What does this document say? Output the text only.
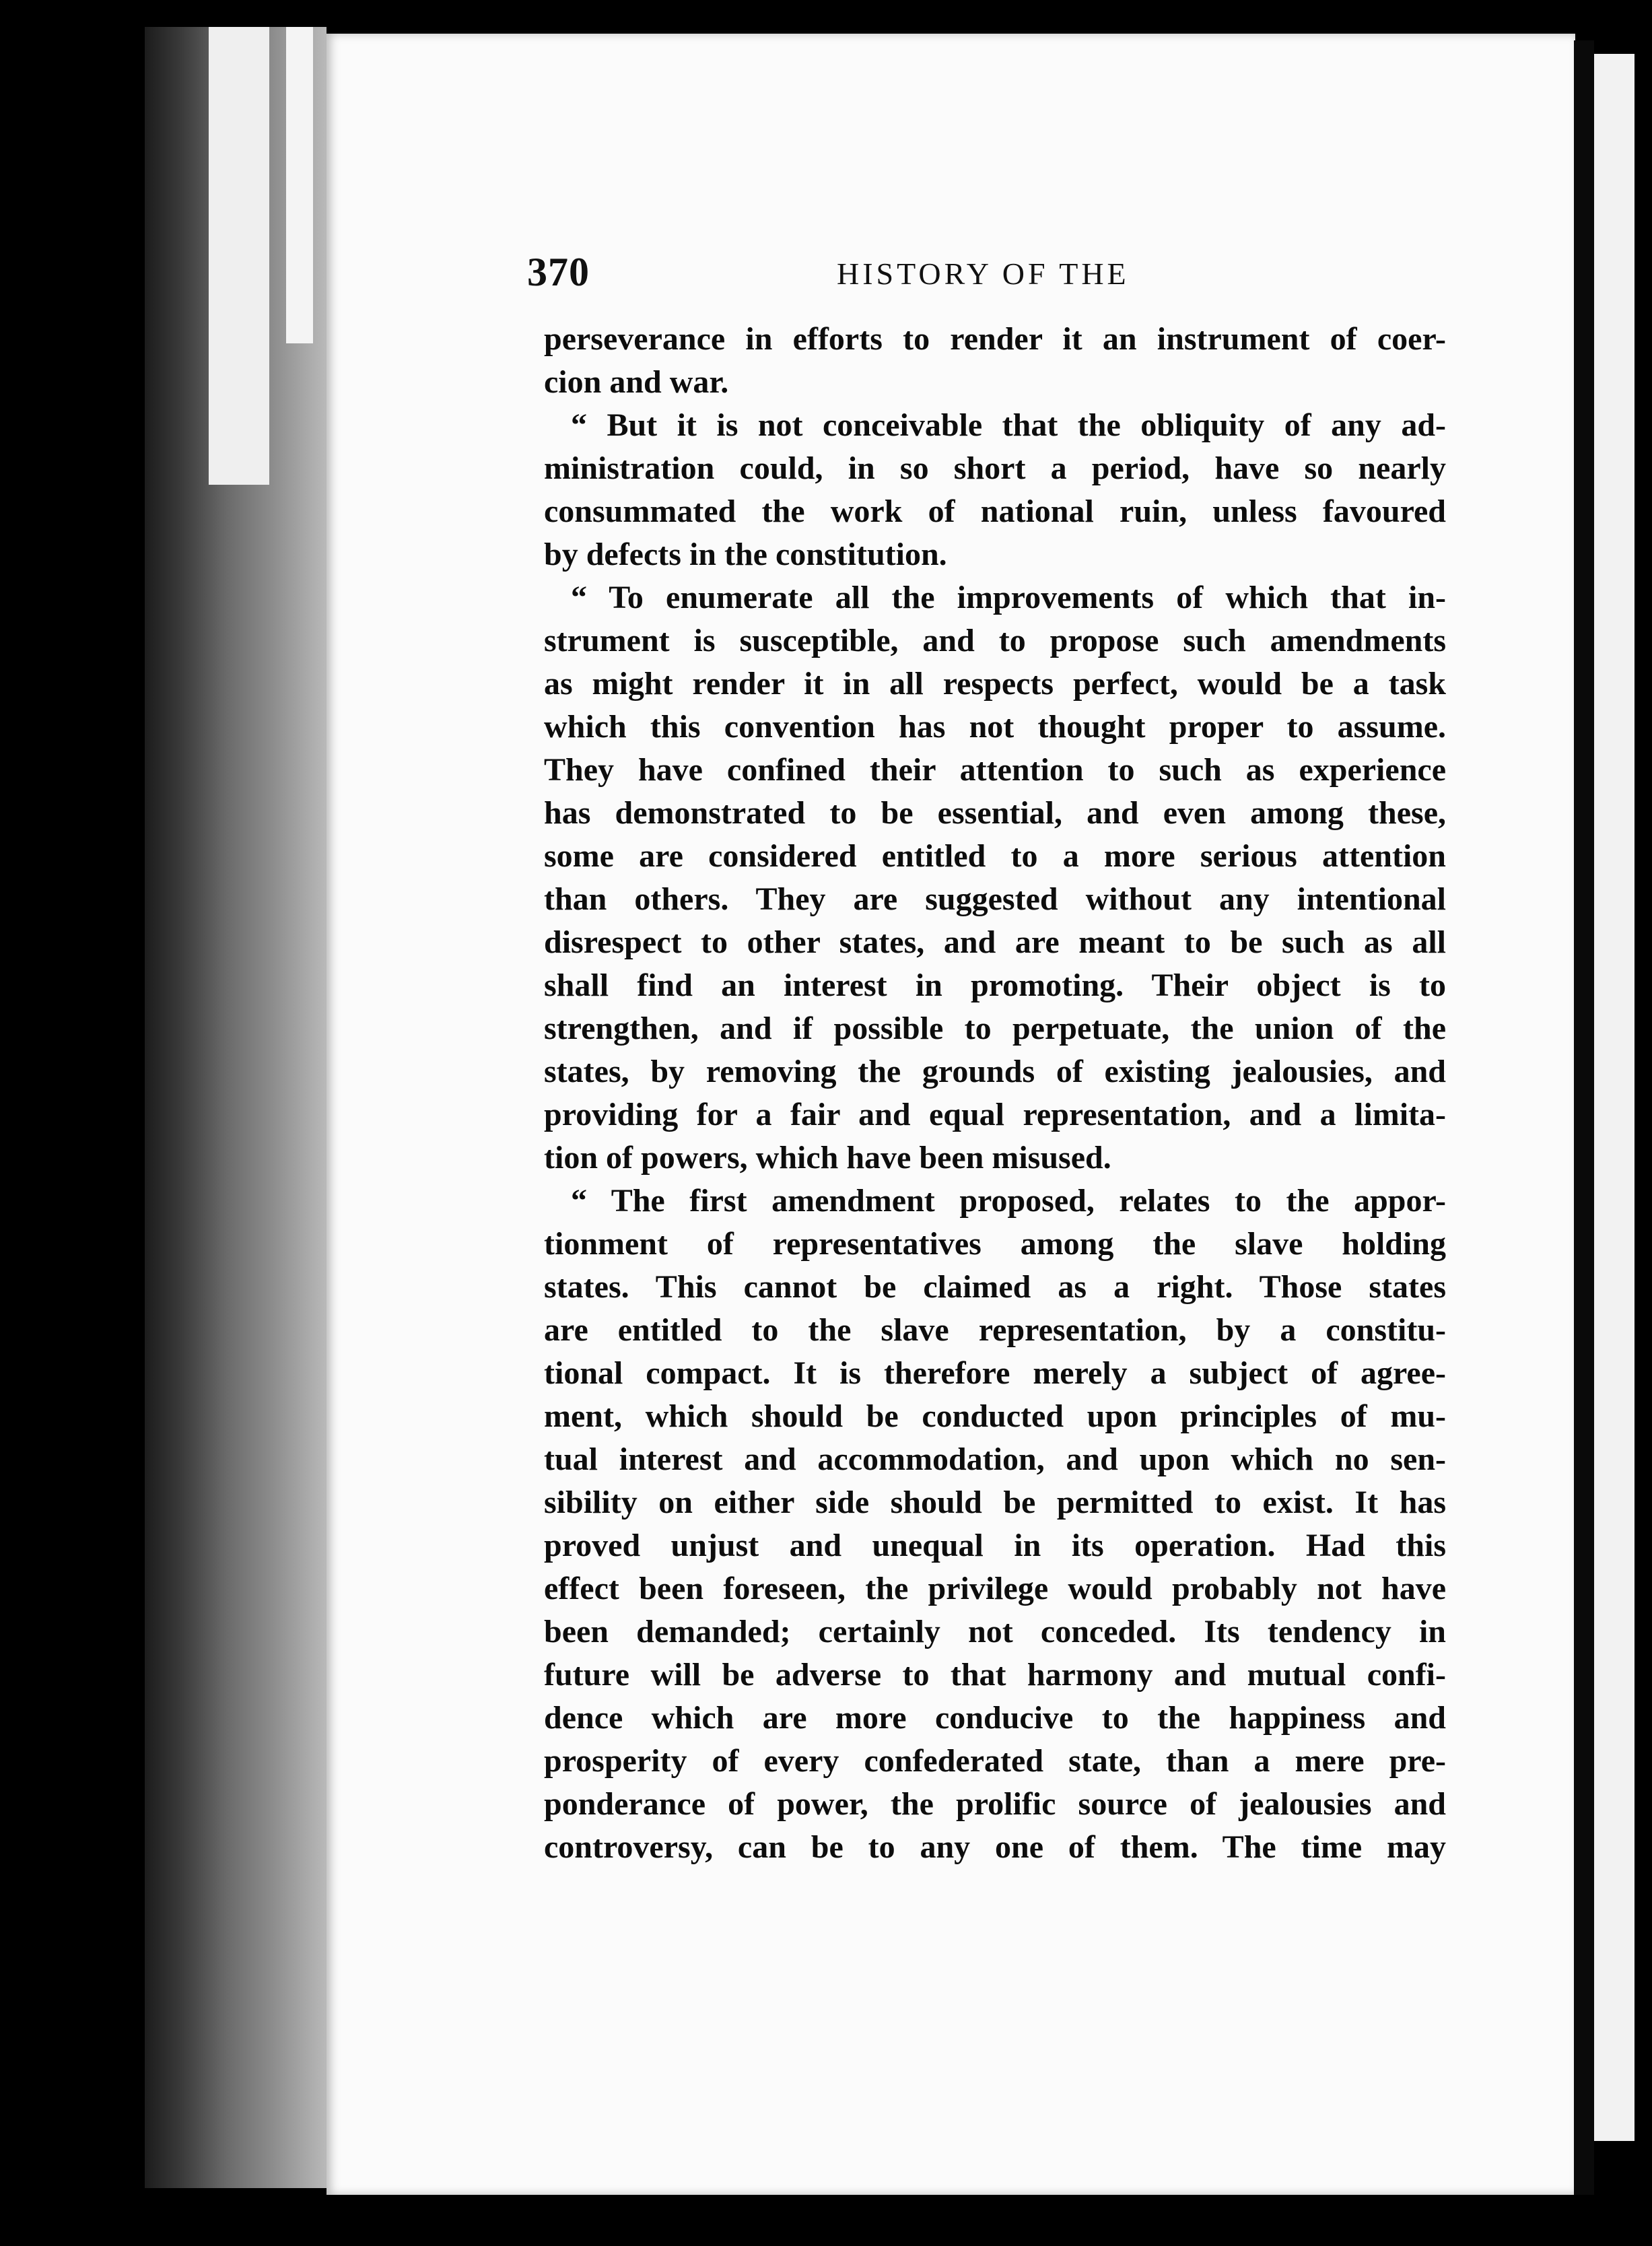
370	HISTORY OF THE
perseverance in efforts to render it an instrument of coer-
cion and war.
“ But it is not conceivable that the obliquity of any ad-
ministration could, in so short a period, have so nearly
consummated the work of national ruin, unless favoured
by defects in the constitution.
“ To enumerate all the improvements of which that in-
strument is susceptible, and to propose such amendments
as might render it in all respects perfect, would be a task
which this convention has not thought proper to assume.
They have confined their attention to such as experience
has demonstrated to be essential, and even among these,
some are considered entitled to a more serious attention
than others. They are suggested without any intentional
disrespect to other states, and are meant to be such as all
shall find an interest in promoting. Their object is to
strengthen, and if possible to perpetuate, the union of the
states, by removing the grounds of existing jealousies, and
providing for a fair and equal representation, and a limita-
tion of powers, which have been misused.
“ The first amendment proposed, relates to the appor-
tionment of representatives among the slave holding
states. This cannot be claimed as a right. Those states
are entitled to the slave representation, by a constitu-
tional compact. It is therefore merely a subject of agree-
ment, which should be conducted upon principles of mu-
tual interest and accommodation, and upon which no sen-
sibility on either side should be permitted to exist. It has
proved unjust and unequal in its operation. Had this
effect been foreseen, the privilege would probably not have
been demanded; certainly not conceded. Its tendency in
future will be adverse to that harmony and mutual confi-
dence which are more conducive to the happiness and
prosperity of every confederated state, than a mere pre-
ponderance of power, the prolific source of jealousies and
controversy, can be to any one of them. The time may
